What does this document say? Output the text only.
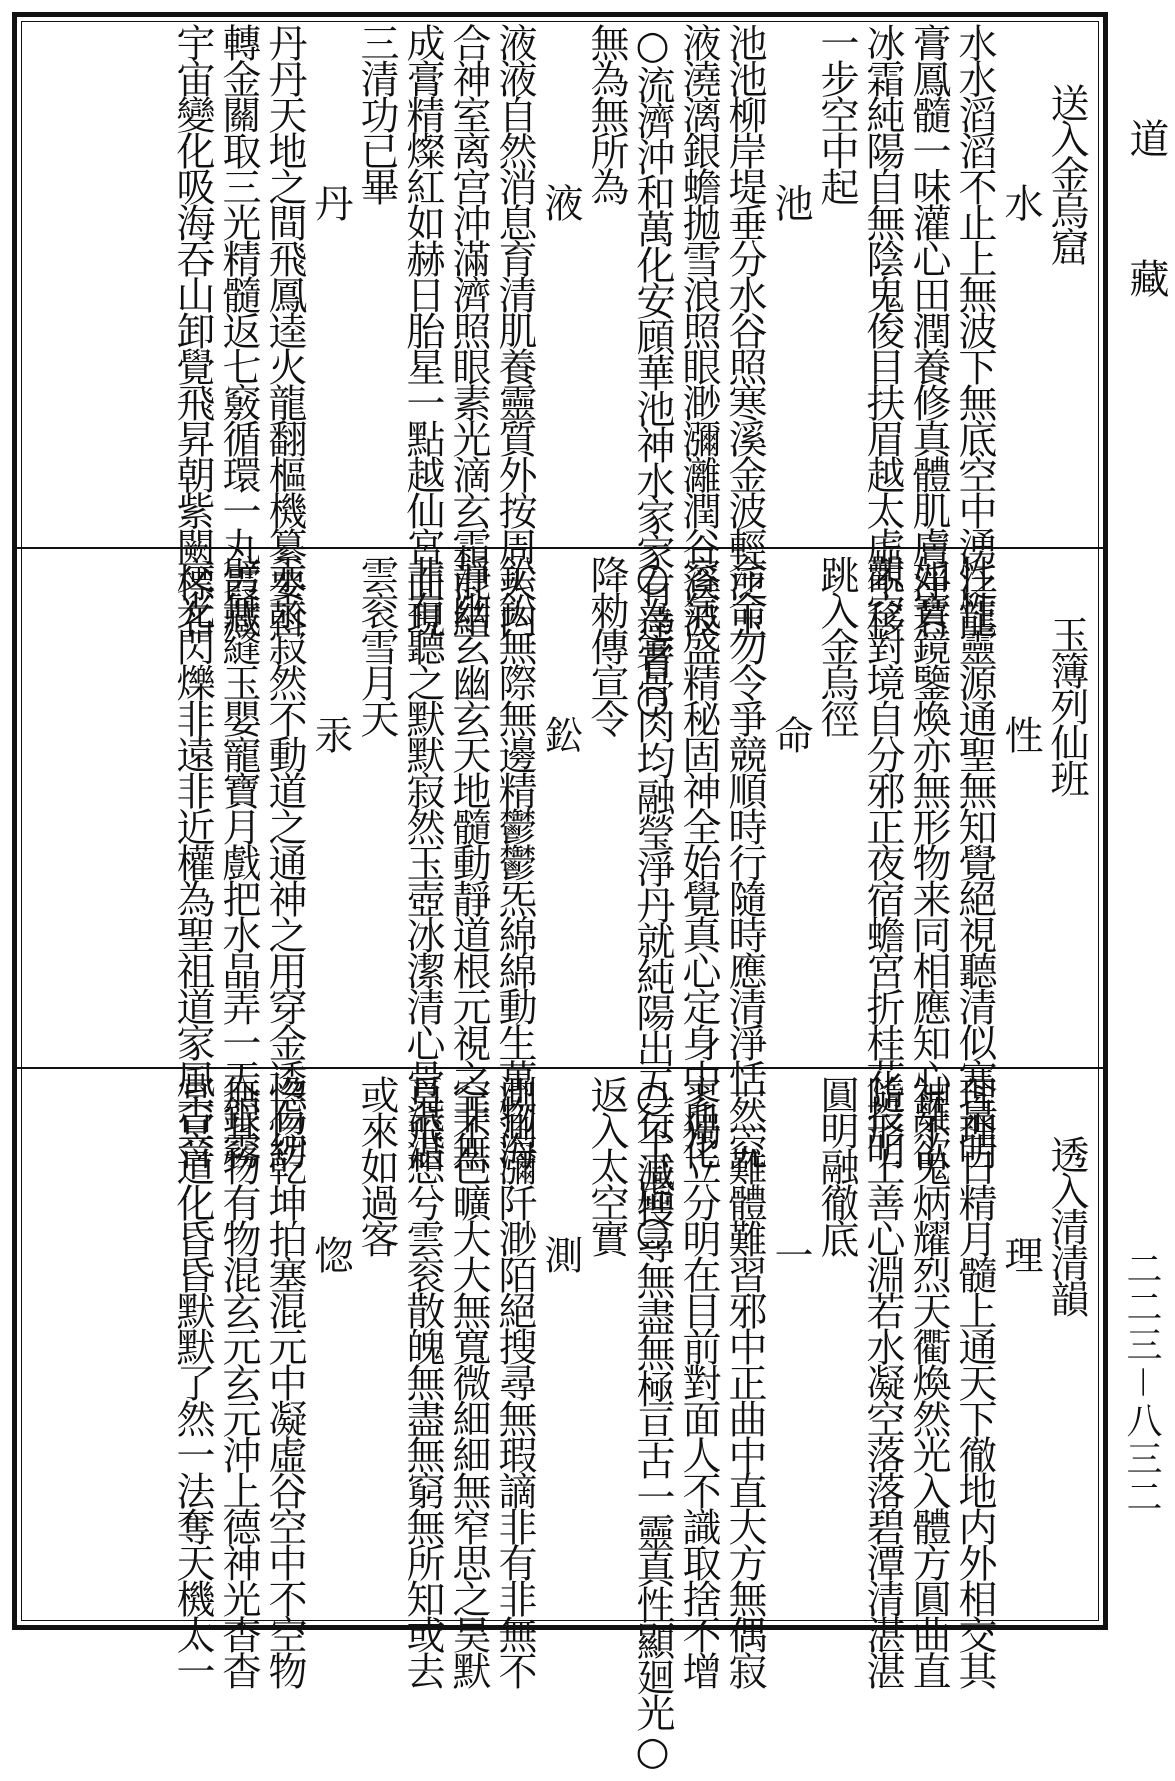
送入金烏窟
水
水水滔滔不止上無波下無底空中湧泛龍
膏鳳髓一味灌心田潤養修真體肌膚淨若
冰霜純陽自無陰鬼俊目扶眉越太虛不移
一步空中起
池
池池柳岸堤垂分水谷照寒溪金波輕泛玉
液澆漓銀蟾拋雪浪照眼渺瀰灕潤谷溪波
○流濟沖和萬化安頋華池神水家家有達者○
無為無所為
液
液液自然消息育清肌養靈質外按周天内
合神室离宫沖滿濟照眼素光滴玄霜混結
成膏精燦紅如赫日胎星一點越仙宮面現
三清功已畢
丹
丹丹天地之間飛鳳逵火龍翻樞機纂要斡
轉金關取三光精髓返七竅循環一丸霞藏
宇宙變化吸海吞山卸覺飛昇朝紫闕標名
玉簿列仙班
性
性性靈源通聖無知覺絕視聽清似寒泉明
如寶鏡鑒煥亦無形物来同相應知心離欲
觀空對境自分邪正夜宿蟾宮折桂花投明
跳入金烏徑
命
命命勿令爭競順時行隨時應清淨恬然究
容氣盛精秘固神全始覺真心定身中血化
○為膏骨肉均融瑩淨丹就純陽出五行玉虛○
降勑傳宣令
鈆
鈆鈆無際無邊精鬱鬱炁綿綿動生萬物海
靜幽玄幽玄天地髓動靜道根元視之非無
非有聽之默默寂然玉壺冰潔清心骨湛湛
雲衮雪月天
汞
汞汞寂然不動道之通神之用穿金透石紉
劈無縫玉嬰寵寶月戲把水晶弄一天銀霧
交光閃爍非遠非近權為聖祖道家風古音
透入清清韻
理
理理日精月髓上通天下徹地内外相交其
神不鬼炳耀烈天衢煥然光入體方圓曲直
隨形上善心淵若水凝空落落碧潭清湛湛
圓明融徹底
一
一一難體難習邪中正曲中直大方無偶寂
寥獨立分明在目前對面人不識取捨不增
○不減搜尋無盡無極亘古一靈真性顯廻光○
返入太空實
測
測測瀰阡渺陌絕搜尋無瑕謫非有非無不
空不色曠大大無寬微細細無窄思之昊默
覓飛想兮雲衮散魄無盡無窮無所知或去
或來如過客
惚
惚惚乾坤拍塞混元中凝虛谷空中不空物
無其物有物混玄元玄元沖上德神光杳杳
冥冥道化昏昏默默了然一法奪天機太一
道
藏
二二三－八三二
